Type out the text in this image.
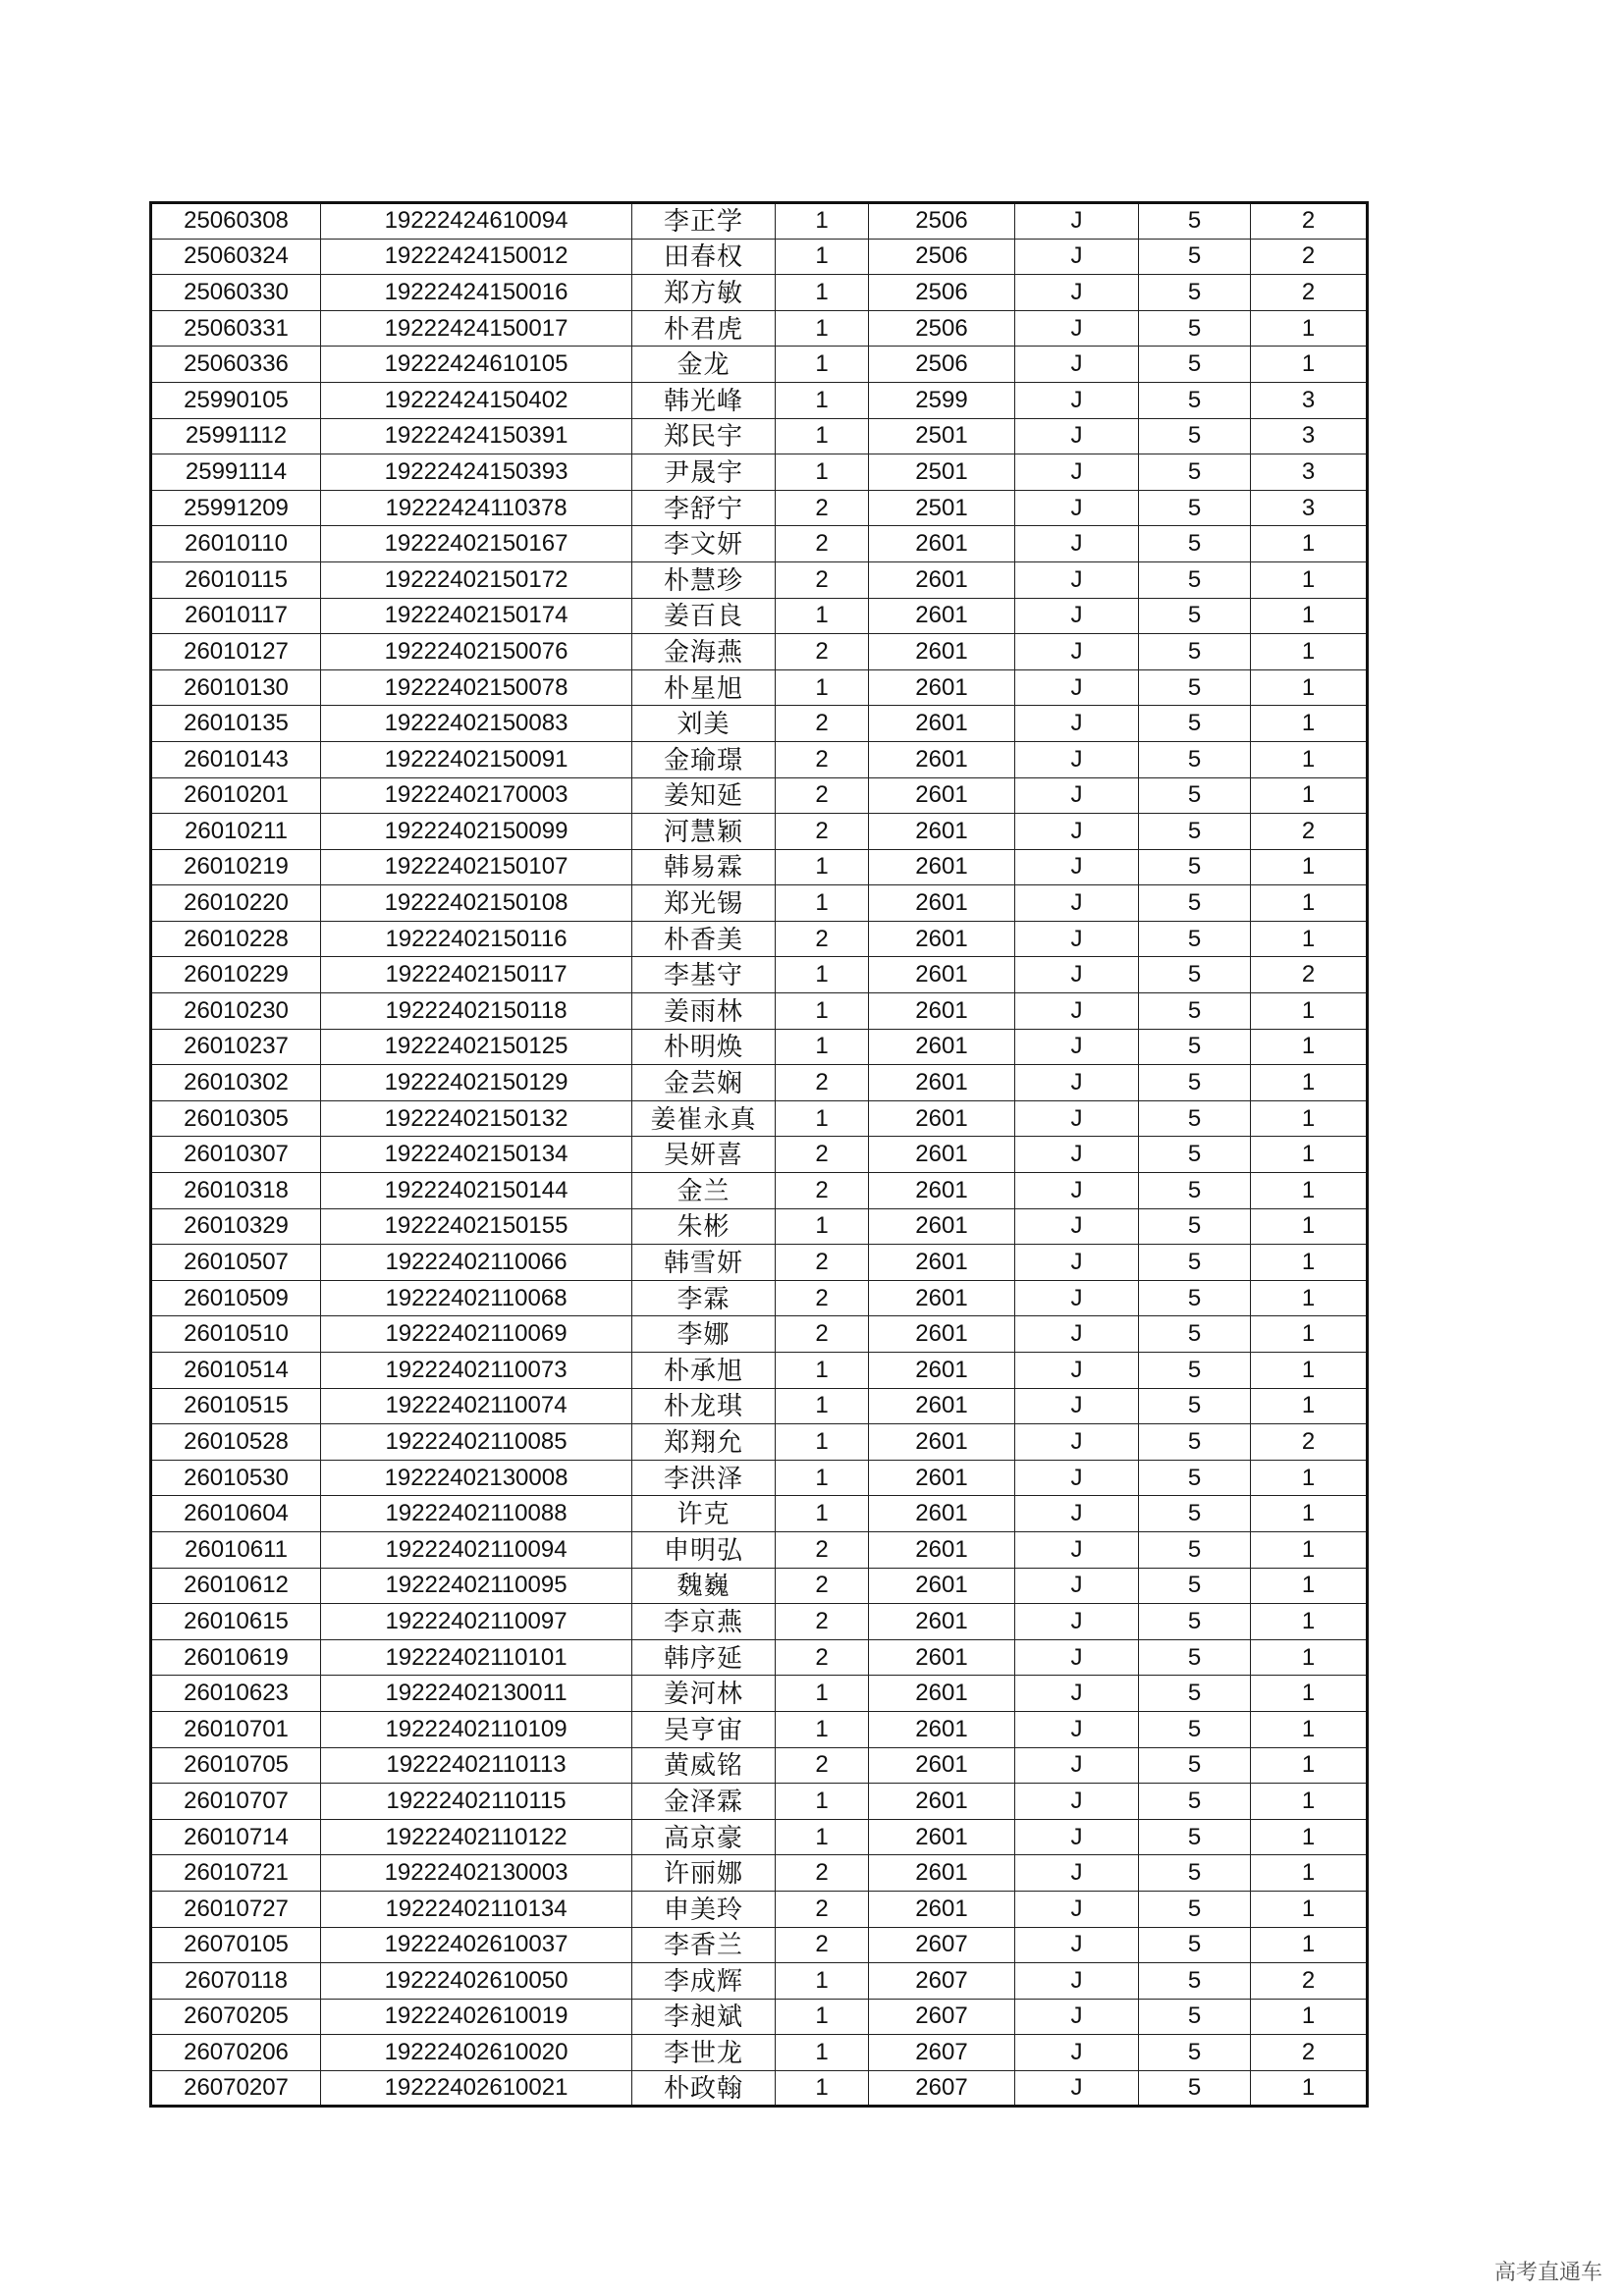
25060308	19222424610094	李正学	1	2506	J	5	2
25060324	19222424150012	田春权	1	2506	J	5	2
25060330	19222424150016	郑方敏	1	2506	J	5	2
25060331	19222424150017	朴君虎	1	2506	J	5	1
25060336	19222424610105	金龙	1	2506	J	5	1
25990105	19222424150402	韩光峰	1	2599	J	5	3
25991112	19222424150391	郑民宇	1	2501	J	5	3
25991114	19222424150393	尹晟宇	1	2501	J	5	3
25991209	19222424110378	李舒宁	2	2501	J	5	3
26010110	19222402150167	李文妍	2	2601	J	5	1
26010115	19222402150172	朴慧珍	2	2601	J	5	1
26010117	19222402150174	姜百良	1	2601	J	5	1
26010127	19222402150076	金海燕	2	2601	J	5	1
26010130	19222402150078	朴星旭	1	2601	J	5	1
26010135	19222402150083	刘美	2	2601	J	5	1
26010143	19222402150091	金瑜璟	2	2601	J	5	1
26010201	19222402170003	姜知延	2	2601	J	5	1
26010211	19222402150099	河慧颖	2	2601	J	5	2
26010219	19222402150107	韩易霖	1	2601	J	5	1
26010220	19222402150108	郑光锡	1	2601	J	5	1
26010228	19222402150116	朴香美	2	2601	J	5	1
26010229	19222402150117	李基守	1	2601	J	5	2
26010230	19222402150118	姜雨林	1	2601	J	5	1
26010237	19222402150125	朴明焕	1	2601	J	5	1
26010302	19222402150129	金芸娴	2	2601	J	5	1
26010305	19222402150132	姜崔永真	1	2601	J	5	1
26010307	19222402150134	吴妍喜	2	2601	J	5	1
26010318	19222402150144	金兰	2	2601	J	5	1
26010329	19222402150155	朱彬	1	2601	J	5	1
26010507	19222402110066	韩雪妍	2	2601	J	5	1
26010509	19222402110068	李霖	2	2601	J	5	1
26010510	19222402110069	李娜	2	2601	J	5	1
26010514	19222402110073	朴承旭	1	2601	J	5	1
26010515	19222402110074	朴龙琪	1	2601	J	5	1
26010528	19222402110085	郑翔允	1	2601	J	5	2
26010530	19222402130008	李洪泽	1	2601	J	5	1
26010604	19222402110088	许克	1	2601	J	5	1
26010611	19222402110094	申明弘	2	2601	J	5	1
26010612	19222402110095	魏巍	2	2601	J	5	1
26010615	19222402110097	李京燕	2	2601	J	5	1
26010619	19222402110101	韩序延	2	2601	J	5	1
26010623	19222402130011	姜河林	1	2601	J	5	1
26010701	19222402110109	吴亨宙	1	2601	J	5	1
26010705	19222402110113	黄威铭	2	2601	J	5	1
26010707	19222402110115	金泽霖	1	2601	J	5	1
26010714	19222402110122	高京豪	1	2601	J	5	1
26010721	19222402130003	许丽娜	2	2601	J	5	1
26010727	19222402110134	申美玲	2	2601	J	5	1
26070105	19222402610037	李香兰	2	2607	J	5	1
26070118	19222402610050	李成辉	1	2607	J	5	2
26070205	19222402610019	李昶斌	1	2607	J	5	1
26070206	19222402610020	李世龙	1	2607	J	5	2
26070207	19222402610021	朴政翰	1	2607	J	5	1
高考直通车
